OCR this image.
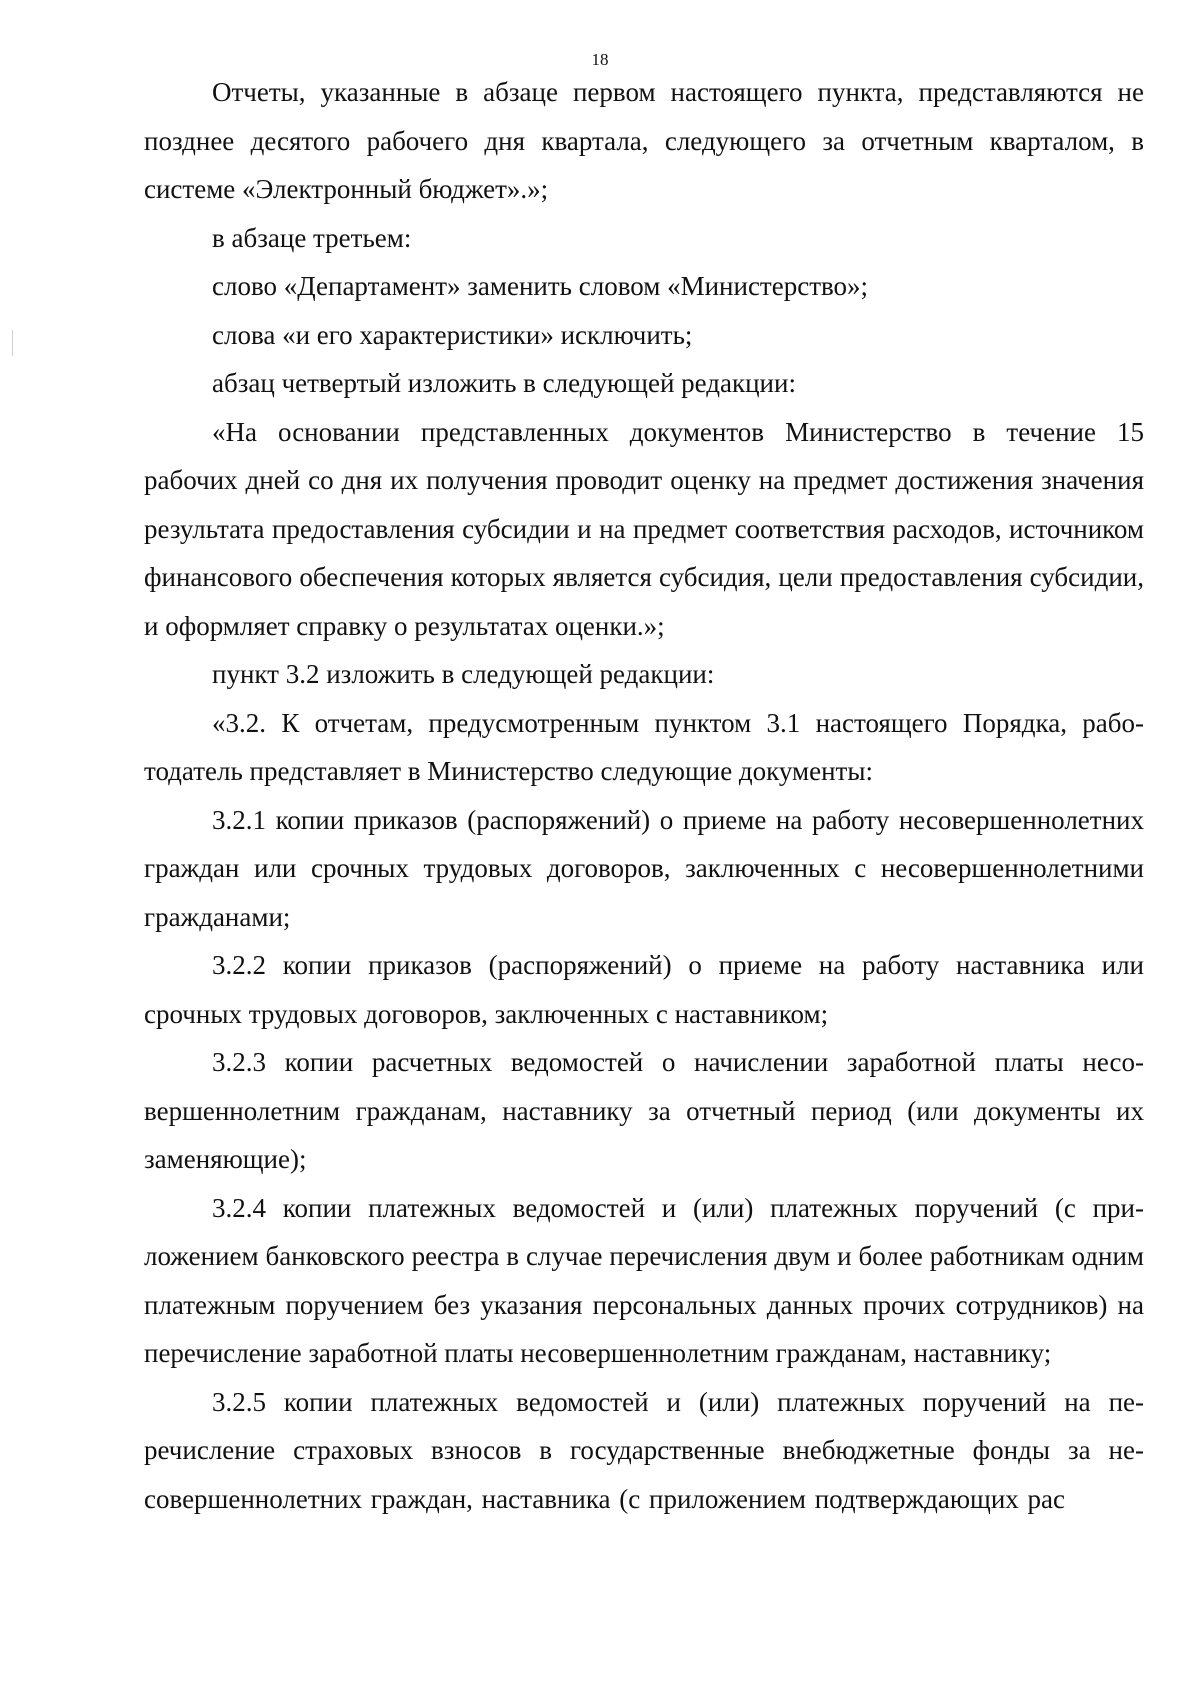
18

Отчеты, указанные в абзаце первом настоящего пункта, представляются не позднее десятого рабочего дня квартала, следующего за отчетным кварталом, в системе «Электронный бюджет».»;

в абзаце третьем:

слово «Департамент» заменить словом «Министерство»;

слова «и его характеристики» исключить;

абзац четвертый изложить в следующей редакции:

«На основании представленных документов Министерство в течение 15 рабочих дней со дня их получения проводит оценку на предмет достижения значения результата предоставления субсидии и на предмет соответствия расходов, источником финансового обеспечения которых является субсидия, цели предоставления субсидии, и оформляет справку о результатах оценки.»;

пункт 3.2 изложить в следующей редакции:

«3.2. К отчетам, предусмотренным пунктом 3.1 настоящего Порядка, работодатель представляет в Министерство следующие документы:

3.2.1 копии приказов (распоряжений) о приеме на работу несовершеннолетних граждан или срочных трудовых договоров, заключенных с несовершеннолетними гражданами;

3.2.2 копии приказов (распоряжений) о приеме на работу наставника или срочных трудовых договоров, заключенных с наставником;

3.2.3 копии расчетных ведомостей о начислении заработной платы несовершеннолетним гражданам, наставнику за отчетный период (или документы их заменяющие);

3.2.4 копии платежных ведомостей и (или) платежных поручений (с приложением банковского реестра в случае перечисления двум и более работникам одним платежным поручением без указания персональных данных прочих сотрудников) на перечисление заработной платы несовершеннолетним гражданам, наставнику;

3.2.5 копии платежных ведомостей и (или) платежных поручений на перечисление страховых взносов в государственные внебюджетные фонды за несовершеннолетних граждан, наставника (с приложением подтверждающих рас
